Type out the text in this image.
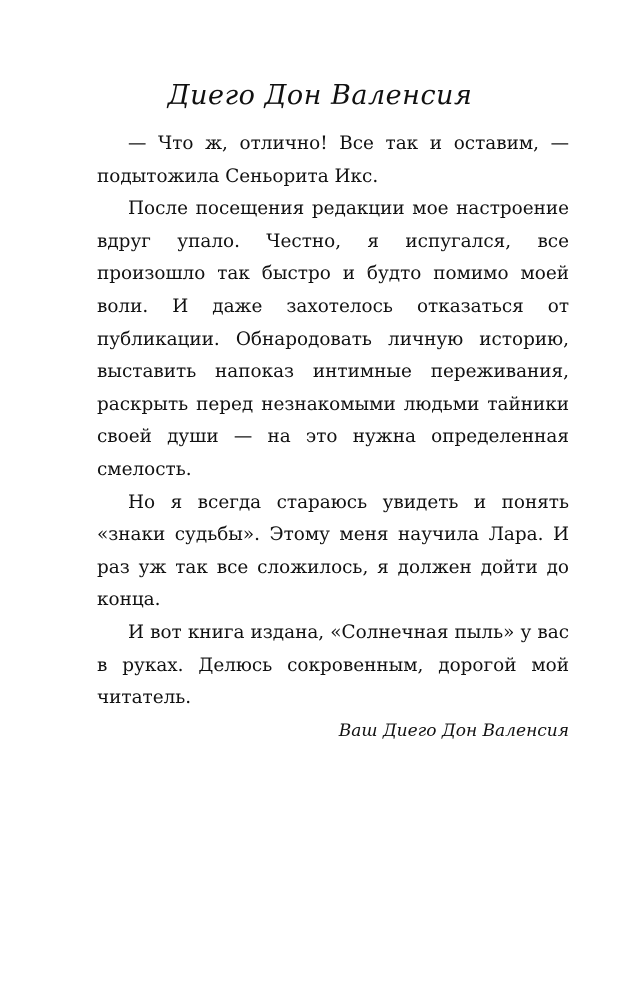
Диего Дон Валенсия

— Что ж, отлично! Все так и оставим, — подытожила Сеньорита Икс.

После посещения редакции мое настроение вдруг упало. Честно, я испугался, все произошло так быстро и будто помимо моей воли. И даже захотелось отказаться от публикации. Обнародовать личную историю, выставить напоказ интимные переживания, раскрыть перед незнакомыми людьми тайники своей души — на это нужна определенная смелость.

Но я всегда стараюсь увидеть и понять «знаки судьбы». Этому меня научила Лара. И раз уж так все сложилось, я должен дойти до конца.

И вот книга издана, «Солнечная пыль» у вас в руках. Делюсь сокровенным, дорогой мой читатель.

Ваш Диего Дон Валенсия
